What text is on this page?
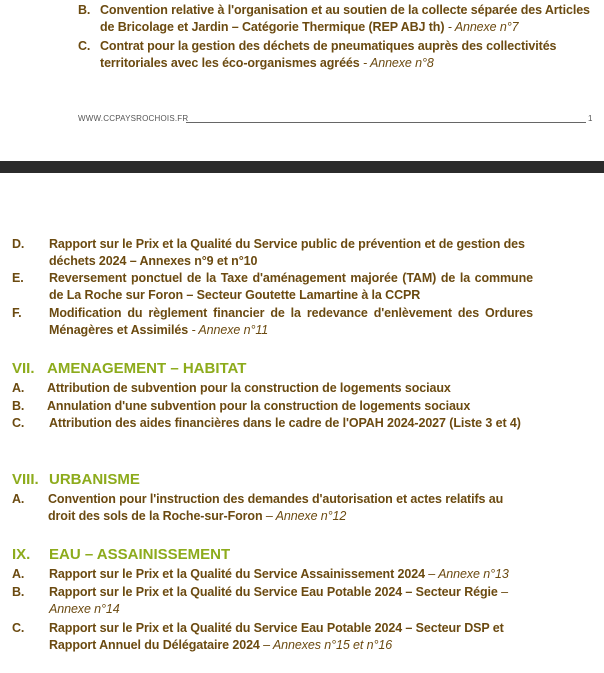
B. Convention relative à l'organisation et au soutien de la collecte séparée des Articles de Bricolage et Jardin – Catégorie Thermique (REP ABJ th) - Annexe n°7
C. Contrat pour la gestion des déchets de pneumatiques auprès des collectivités territoriales avec les éco-organismes agréés - Annexe n°8
WWW.CCPAYSROCHOIS.FR	1
D. Rapport sur le Prix et la Qualité du Service public de prévention et de gestion des déchets 2024 – Annexes n°9 et n°10
E. Reversement ponctuel de la Taxe d'aménagement majorée (TAM) de la commune de La Roche sur Foron – Secteur Goutette Lamartine à la CCPR
F. Modification du règlement financier de la redevance d'enlèvement des Ordures Ménagères et Assimilés - Annexe n°11
VII. AMENAGEMENT – HABITAT
A. Attribution de subvention pour la construction de logements sociaux
B. Annulation d'une subvention pour la construction de logements sociaux
C. Attribution des aides financières dans le cadre de l'OPAH 2024-2027 (Liste 3 et 4)
VIII. URBANISME
A. Convention pour l'instruction des demandes d'autorisation et actes relatifs au droit des sols de la Roche-sur-Foron – Annexe n°12
IX. EAU – ASSAINISSEMENT
A. Rapport sur le Prix et la Qualité du Service Assainissement 2024 – Annexe n°13
B. Rapport sur le Prix et la Qualité du Service Eau Potable 2024 – Secteur Régie – Annexe n°14
C. Rapport sur le Prix et la Qualité du Service Eau Potable 2024 – Secteur DSP et Rapport Annuel du Délégataire 2024 – Annexes n°15 et n°16
